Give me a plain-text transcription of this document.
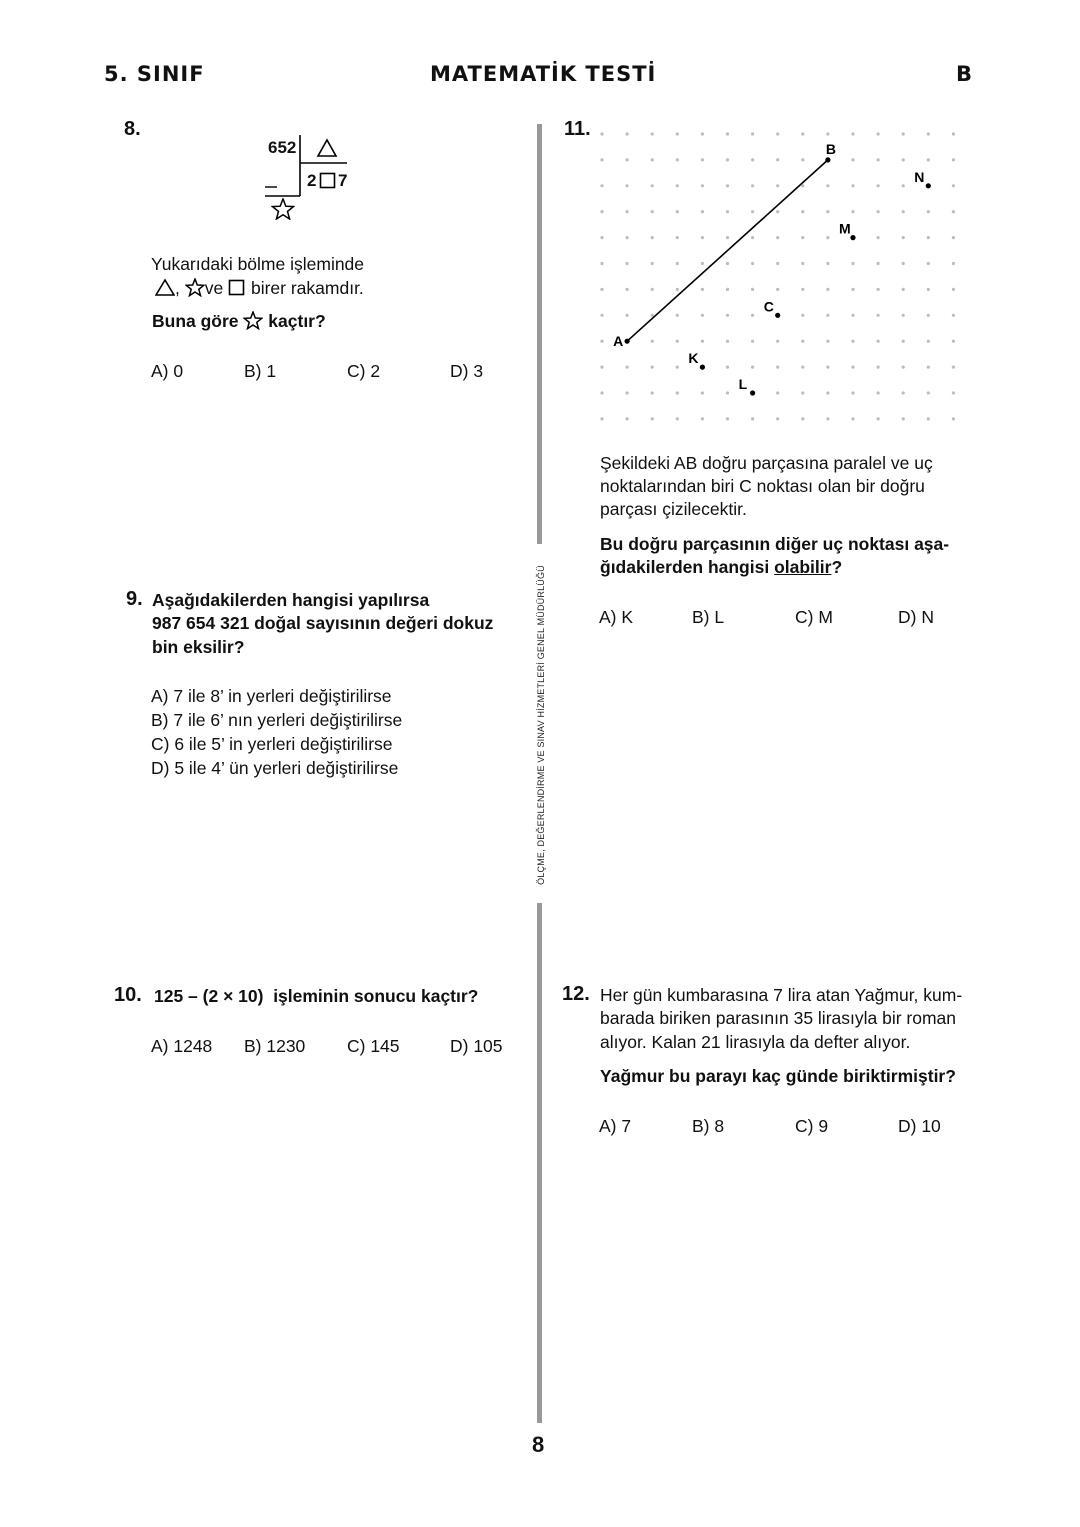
5. SINIF	MATEMATİK TESTİ	B
ÖLÇME, DEĞERLENDİRME VE SINAV HİZMETLERİ GENEL MÜDÜRLÜĞÜ
8.
652
2 7
Yukarıdaki bölme işleminde
, ve birer rakamdır.
Buna göre kaçtır?
A) 0	B) 1	C) 2	D) 3
9. Aşağıdakilerden hangisi yapılırsa
987 654 321 doğal sayısının değeri dokuz
bin eksilir?
A) 7 ile 8’ in yerleri değiştirilirse
B) 7 ile 6’ nın yerleri değiştirilirse
C) 6 ile 5’ in yerleri değiştirilirse
D) 5 ile 4’ ün yerleri değiştirilirse
10. 125 – (2 × 10) işleminin sonucu kaçtır?
A) 1248 B) 1230 C) 145	D) 105
11.
A
B
C
K
L
M
N
Şekildeki AB doğru parçasına paralel ve uç
noktalarından biri C noktası olan bir doğru
parçası çizilecektir.
Bu doğru parçasının diğer uç noktası aşa-
ğıdakilerden hangisi olabilir?
A) K	B) L	C) M	D) N
12. Her gün kumbarasına 7 lira atan Yağmur, kum-
barada biriken parasının 35 lirasıyla bir roman
alıyor. Kalan 21 lirasıyla da defter alıyor.
Yağmur bu parayı kaç günde biriktirmiştir?
A) 7	B) 8	C) 9	D) 10
8
